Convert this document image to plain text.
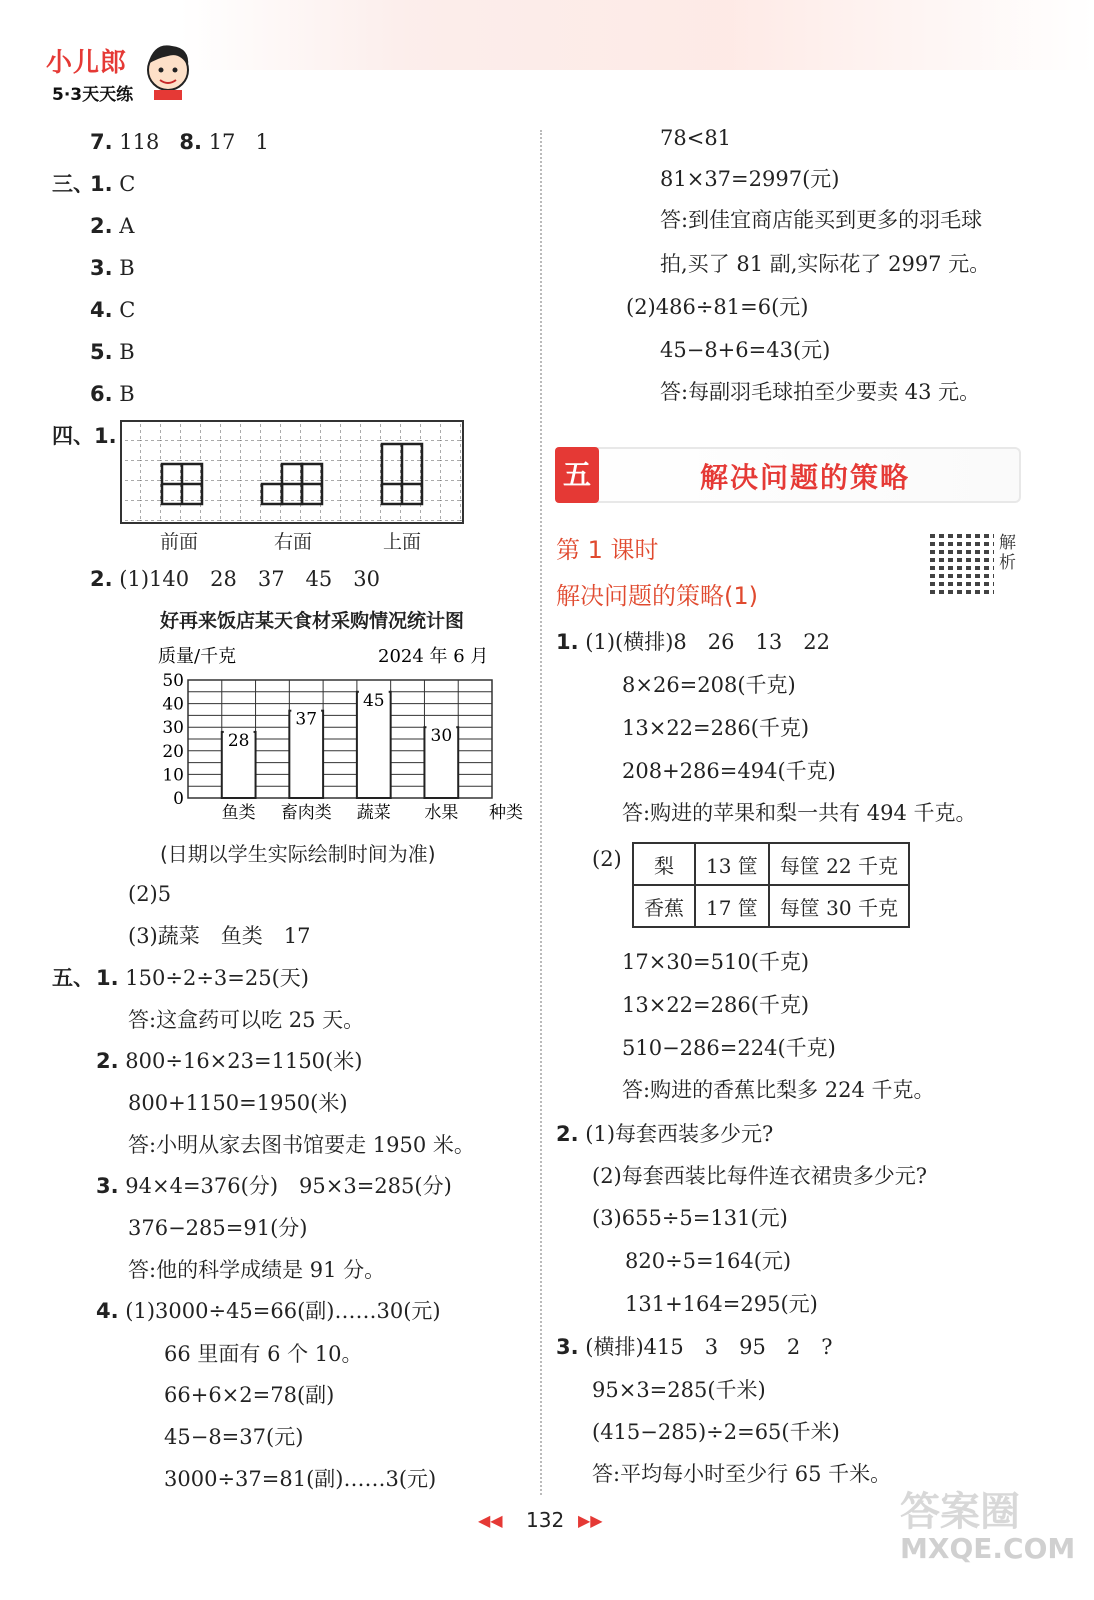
小儿郎
5·3天天练
7. 118 8. 17 1
三、
1. C
2. A
3. B
4. C
5. B
6. B
四、1.
前面	右面	上面
2. (1)140　28　37　45　30
好再来饭店某天食材采购情况统计图
质量/千克	2024 年 6 月
50
40
30
20
10
0
28
37
45
30
鱼类 畜肉类 蔬菜 水果 种类
(日期以学生实际绘制时间为准)
(2)5
(3)蔬菜　鱼类　17
五、 1. 150÷2÷3=25(天)
答:这盒药可以吃 25 天。
2. 800÷16×23=1150(米)
800+1150=1950(米)
答:小明从家去图书馆要走 1950 米。
3. 94×4=376(分)　95×3=285(分)
376−285=91(分)
答:他的科学成绩是 91 分。
4. (1)3000÷45=66(副)……30(元)
66 里面有 6 个 10。
66+6×2=78(副)
45−8=37(元)
3000÷37=81(副)……3(元)
78<81
81×37=2997(元)
答:到佳宜商店能买到更多的羽毛球
拍,买了 81 副,实际花了 2997 元。
(2)486÷81=6(元)
45−8+6=43(元)
答:每副羽毛球拍至少要卖 43 元。
五	解决问题的策略
第 1 课时
解决问题的策略(1)
解析
1. (1)(横排)8　26　13　22
8×26=208(千克)
13×22=286(千克)
208+286=494(千克)
答:购进的苹果和梨一共有 494 千克。
(2) 梨	13 筐	每筐 22 千克
香蕉	17 筐	每筐 30 千克
17×30=510(千克)
13×22=286(千克)
510−286=224(千克)
答:购进的香蕉比梨多 224 千克。
2. (1)每套西装多少元?
(2)每套西装比每件连衣裙贵多少元?
(3)655÷5=131(元)
820÷5=164(元)
131+164=295(元)
3. (横排)415　3　95　2　?
95×3=285(千米)
(415−285)÷2=65(千米)
答:平均每小时至少行 65 千米。
◀◀ 132 ▶▶	答案圈
MXQE.COM
